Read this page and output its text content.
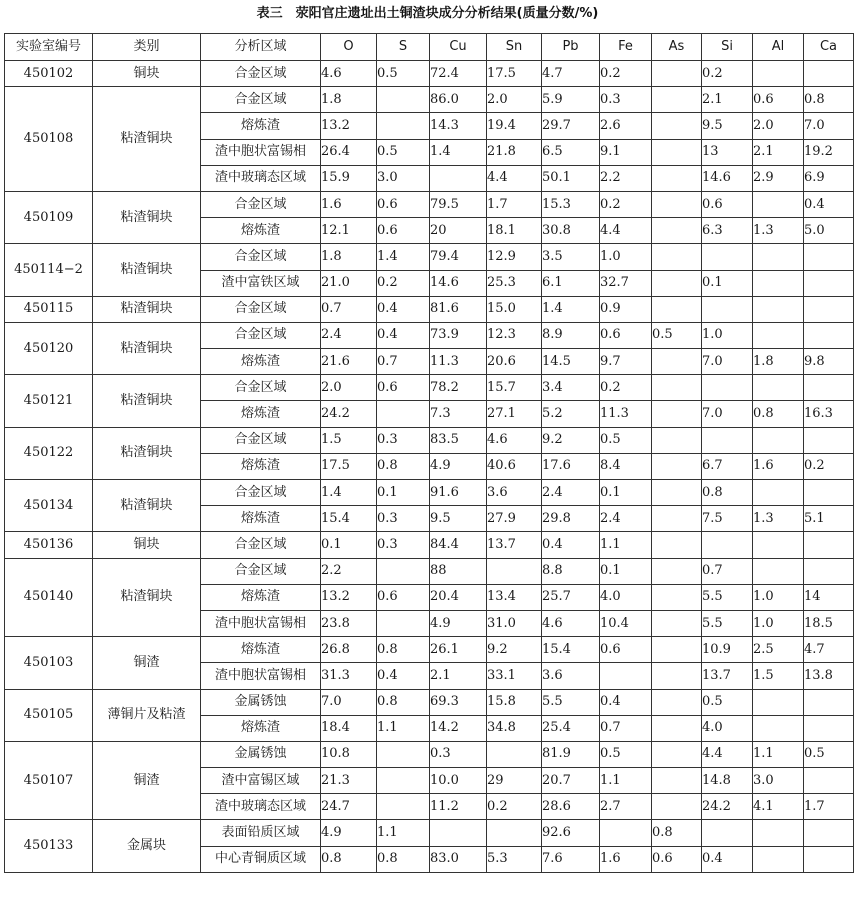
表三　荥阳官庄遗址出土铜渣块成分分析结果(质量分数/%)
实验室编号	类别	分析区域	O	S	Cu	Sn	Pb	Fe	As	Si	Al	Ca
450102	铜块	合金区域	4.6	0.5	72.4	17.5	4.7	0.2		0.2		
450108	粘渣铜块	合金区域	1.8		86.0	2.0	5.9	0.3		2.1	0.6	0.8
		熔炼渣	13.2		14.3	19.4	29.7	2.6		9.5	2.0	7.0
		渣中胞状富锡相	26.4	0.5	1.4	21.8	6.5	9.1		13	2.1	19.2
		渣中玻璃态区域	15.9	3.0		4.4	50.1	2.2		14.6	2.9	6.9
450109	粘渣铜块	合金区域	1.6	0.6	79.5	1.7	15.3	0.2		0.6		0.4
		熔炼渣	12.1	0.6	20	18.1	30.8	4.4		6.3	1.3	5.0
450114−2	粘渣铜块	合金区域	1.8	1.4	79.4	12.9	3.5	1.0				
		渣中富铁区域	21.0	0.2	14.6	25.3	6.1	32.7		0.1		
450115	粘渣铜块	合金区域	0.7	0.4	81.6	15.0	1.4	0.9				
450120	粘渣铜块	合金区域	2.4	0.4	73.9	12.3	8.9	0.6	0.5	1.0		
		熔炼渣	21.6	0.7	11.3	20.6	14.5	9.7		7.0	1.8	9.8
450121	粘渣铜块	合金区域	2.0	0.6	78.2	15.7	3.4	0.2				
		熔炼渣	24.2		7.3	27.1	5.2	11.3		7.0	0.8	16.3
450122	粘渣铜块	合金区域	1.5	0.3	83.5	4.6	9.2	0.5				
		熔炼渣	17.5	0.8	4.9	40.6	17.6	8.4		6.7	1.6	0.2
450134	粘渣铜块	合金区域	1.4	0.1	91.6	3.6	2.4	0.1		0.8		
		熔炼渣	15.4	0.3	9.5	27.9	29.8	2.4		7.5	1.3	5.1
450136	铜块	合金区域	0.1	0.3	84.4	13.7	0.4	1.1				
450140	粘渣铜块	合金区域	2.2		88		8.8	0.1		0.7		
		熔炼渣	13.2	0.6	20.4	13.4	25.7	4.0		5.5	1.0	14
		渣中胞状富锡相	23.8		4.9	31.0	4.6	10.4		5.5	1.0	18.5
450103	铜渣	熔炼渣	26.8	0.8	26.1	9.2	15.4	0.6		10.9	2.5	4.7
		渣中胞状富锡相	31.3	0.4	2.1	33.1	3.6			13.7	1.5	13.8
450105	薄铜片及粘渣	金属锈蚀	7.0	0.8	69.3	15.8	5.5	0.4		0.5		
		熔炼渣	18.4	1.1	14.2	34.8	25.4	0.7		4.0		
450107	铜渣	金属锈蚀	10.8		0.3		81.9	0.5		4.4	1.1	0.5
		渣中富锡区域	21.3		10.0	29	20.7	1.1		14.8	3.0	
		渣中玻璃态区域	24.7		11.2	0.2	28.6	2.7		24.2	4.1	1.7
450133	金属块	表面铅质区域	4.9	1.1			92.6		0.8			
		中心青铜质区域	0.8	0.8	83.0	5.3	7.6	1.6	0.6	0.4		
